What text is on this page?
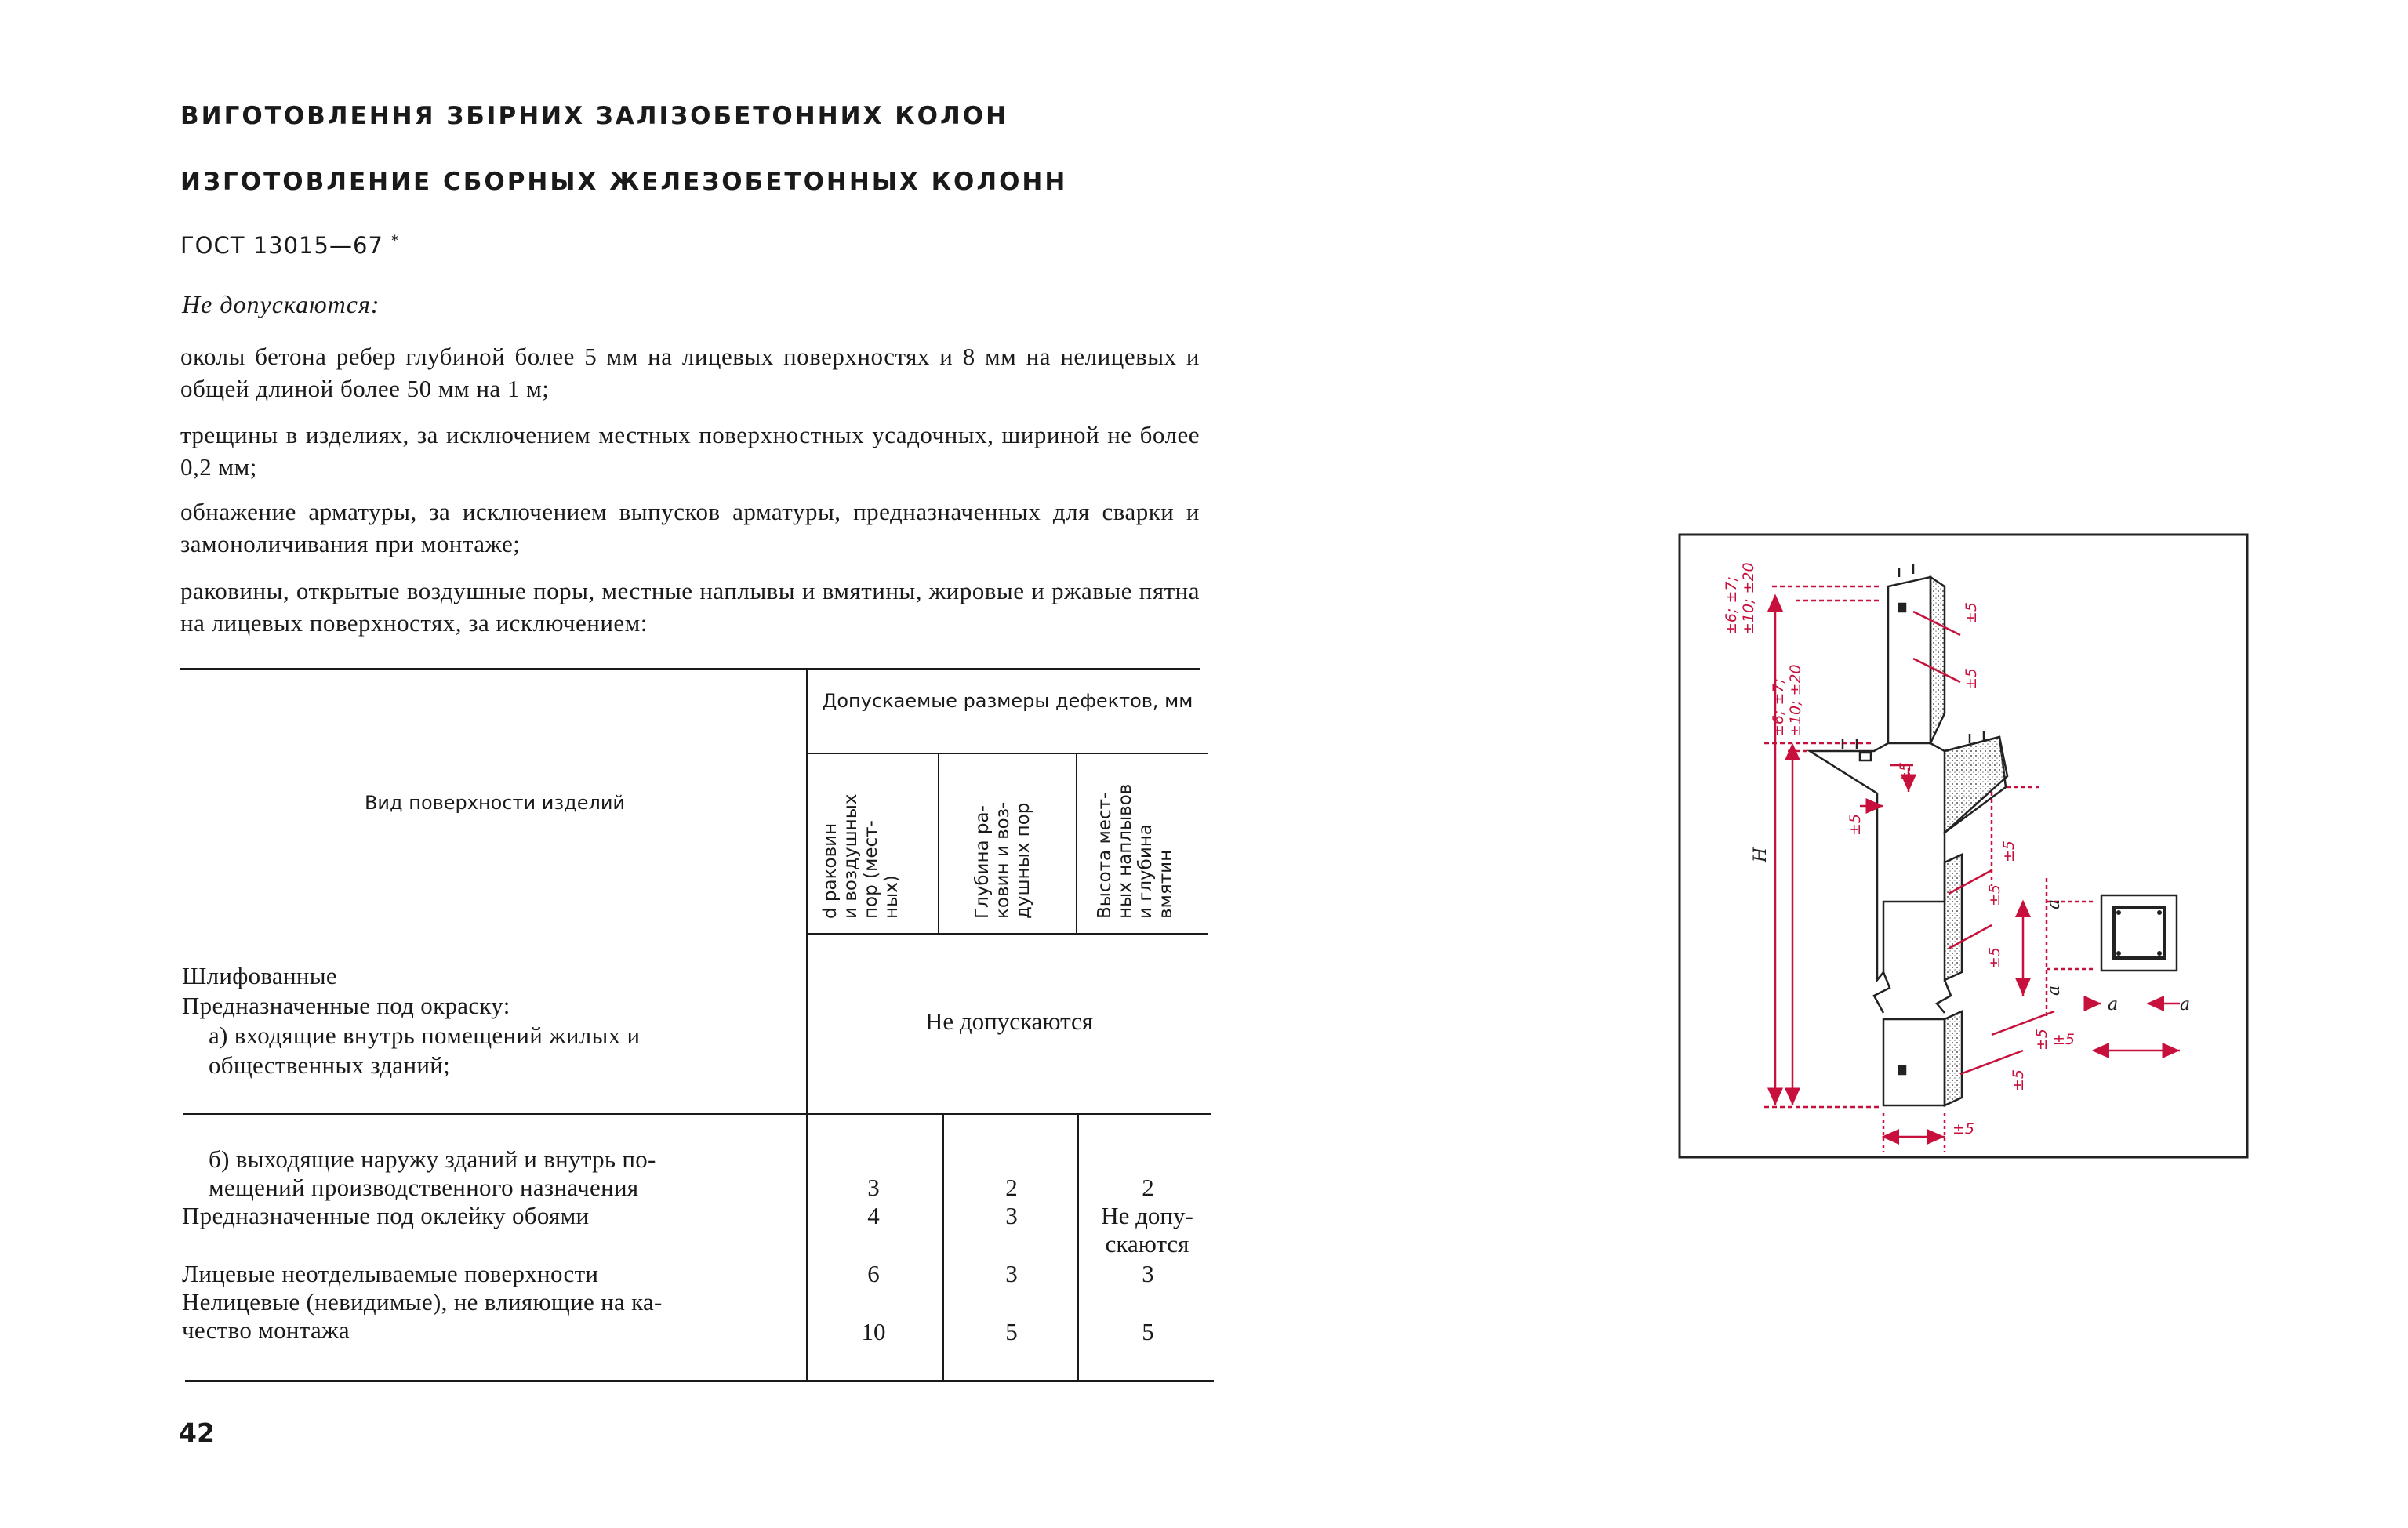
ВИГОТОВЛЕННЯ ЗБІРНИХ ЗАЛІЗОБЕТОННИХ КОЛОН
ИЗГОТОВЛЕНИЕ СБОРНЫХ ЖЕЛЕЗОБЕТОННЫХ КОЛОНН
ГОСТ 13015—67 *
Не допускаются:
околы бетона ребер глубиной более 5 мм на лицевых поверхностях и 8 мм на нелицевых и общей длиной более 50 мм на 1 м;
трещины в изделиях, за исключением местных поверхностных усадочных, шириной не более 0,2 мм;
обнажение арматуры, за исключением выпусков арматуры, предназначенных для сварки и замоноличивания при монтаже;
раковины, открытые воздушные поры, местные наплывы и вмятины, жировые и ржавые пятна на лицевых поверхнoстях, за исключением:
Вид поверхности изделий
Допускаемые размеры дефектов, мм
d раковин и воздушных пор (мест- ных)	Глубина ра- ковин и воз- душных пор	Высота мест- ных наплывов и глубина вмятин
Шлифованные
Предназначенные под окраску:
а) входящие внутрь помещений жилых и
общественных зданий;
Не допускаются
б) выходящие наружу зданий и внутрь по-
мещений производственного назначения	3	2	2
Предназначенные под оклейку обоями	4	3	Не допу-
скаются
Лицевые неотделываемые поверхности	6	3	3
Нелицевые (невидимые), не влияющие на ка-
чество монтажа	10	5	5
42
±6; ±7; ±10; ±20
±6; ±7; ±10; ±20
±5
±5
±5
±5
±5
±5
±5
±5
±5
±5
±5
H
a
a
a	a
